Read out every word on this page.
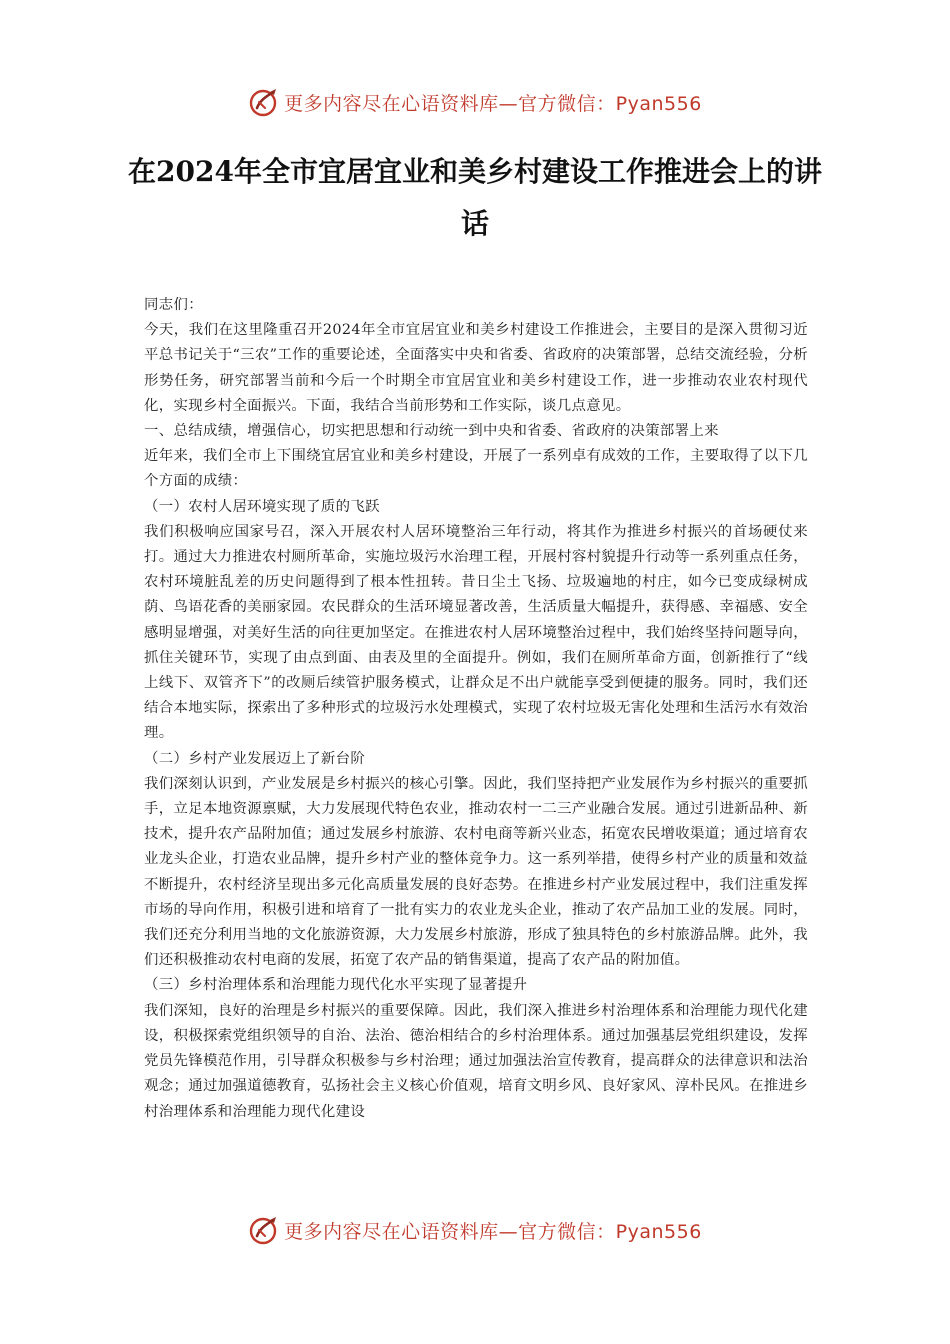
更多内容尽在心语资料库—官方微信：Pyan556
在2024年全市宜居宜业和美乡村建设工作推进会上的讲话

同志们：

今天，我们在这里隆重召开2024年全市宜居宜业和美乡村建设工作推进会，主要目的是深入贯彻习近平总书记关于“三农”工作的重要论述，全面落实中央和省委、省政府的决策部署，总结交流经验，分析形势任务，研究部署当前和今后一个时期全市宜居宜业和美乡村建设工作，进一步推动农业农村现代化，实现乡村全面振兴。下面，我结合当前形势和工作实际，谈几点意见。

一、总结成绩，增强信心，切实把思想和行动统一到中央和省委、省政府的决策部署上来

近年来，我们全市上下围绕宜居宜业和美乡村建设，开展了一系列卓有成效的工作，主要取得了以下几个方面的成绩：

（一）农村人居环境实现了质的飞跃

我们积极响应国家号召，深入开展农村人居环境整治三年行动，将其作为推进乡村振兴的首场硬仗来打。通过大力推进农村厕所革命，实施垃圾污水治理工程，开展村容村貌提升行动等一系列重点任务，农村环境脏乱差的历史问题得到了根本性扭转。昔日尘土飞扬、垃圾遍地的村庄，如今已变成绿树成荫、鸟语花香的美丽家园。农民群众的生活环境显著改善，生活质量大幅提升，获得感、幸福感、安全感明显增强，对美好生活的向往更加坚定。在推进农村人居环境整治过程中，我们始终坚持问题导向，抓住关键环节，实现了由点到面、由表及里的全面提升。例如，我们在厕所革命方面，创新推行了“线上线下、双管齐下”的改厕后续管护服务模式，让群众足不出户就能享受到便捷的服务。同时，我们还结合本地实际，探索出了多种形式的垃圾污水处理模式，实现了农村垃圾无害化处理和生活污水有效治理。

（二）乡村产业发展迈上了新台阶

我们深刻认识到，产业发展是乡村振兴的核心引擎。因此，我们坚持把产业发展作为乡村振兴的重要抓手，立足本地资源禀赋，大力发展现代特色农业，推动农村一二三产业融合发展。通过引进新品种、新技术，提升农产品附加值；通过发展乡村旅游、农村电商等新兴业态，拓宽农民增收渠道；通过培育农业龙头企业，打造农业品牌，提升乡村产业的整体竞争力。这一系列举措，使得乡村产业的质量和效益不断提升，农村经济呈现出多元化高质量发展的良好态势。在推进乡村产业发展过程中，我们注重发挥市场的导向作用，积极引进和培育了一批有实力的农业龙头企业，推动了农产品加工业的发展。同时，我们还充分利用当地的文化旅游资源，大力发展乡村旅游，形成了独具特色的乡村旅游品牌。此外，我们还积极推动农村电商的发展，拓宽了农产品的销售渠道，提高了农产品的附加值。

（三）乡村治理体系和治理能力现代化水平实现了显著提升

我们深知，良好的治理是乡村振兴的重要保障。因此，我们深入推进乡村治理体系和治理能力现代化建设，积极探索党组织领导的自治、法治、德治相结合的乡村治理体系。通过加强基层党组织建设，发挥党员先锋模范作用，引导群众积极参与乡村治理；通过加强法治宣传教育，提高群众的法律意识和法治观念；通过加强道德教育，弘扬社会主义核心价值观，培育文明乡风、良好家风、淳朴民风。在推进乡村治理体系和治理能力现代化建设

更多内容尽在心语资料库—官方微信：Pyan556
